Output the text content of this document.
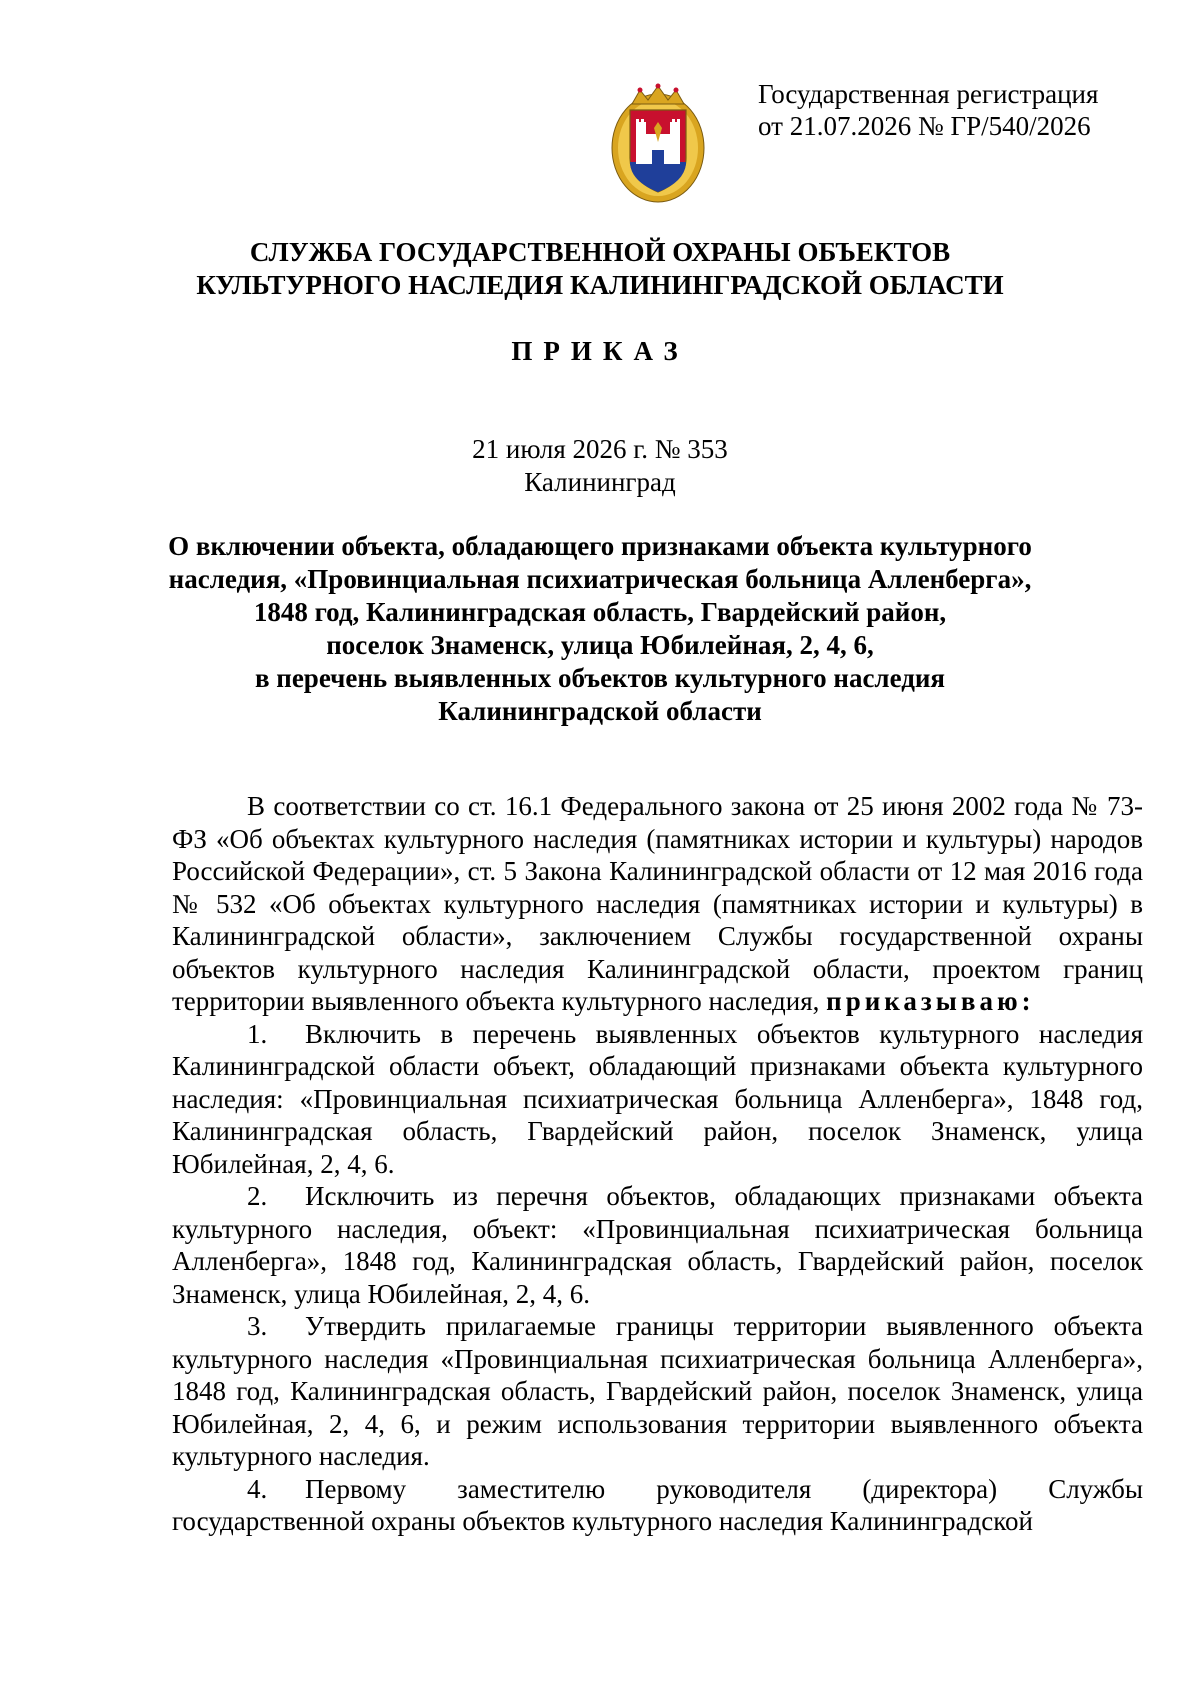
Государственная регистрация
от 21.07.2026 № ГР/540/2026
СЛУЖБА ГОСУДАРСТВЕННОЙ ОХРАНЫ ОБЪЕКТОВ
КУЛЬТУРНОГО НАСЛЕДИЯ КАЛИНИНГРАДСКОЙ ОБЛАСТИ
ПРИКАЗ
21 июля 2026 г. № 353
Калининград
О включении объекта, обладающего признаками объекта культурного
наследия, «Провинциальная психиатрическая больница Алленберга»,
1848 год, Калининградская область, Гвардейский район,
поселок Знаменск, улица Юбилейная, 2, 4, 6,
в перечень выявленных объектов культурного наследия
Калининградской области

В соответствии со ст. 16.1 Федерального закона от 25 июня 2002 года № 73-ФЗ «Об объектах культурного наследия (памятниках истории и культуры) народов Российской Федерации», ст. 5 Закона Калининградской области от 12 мая 2016 года № 532 «Об объектах культурного наследия (памятниках истории и культуры) в Калининградской области», заключением Службы государственной охраны объектов культурного наследия Калининградской области, проектом границ территории выявленного объекта культурного наследия, приказываю:

1. Включить в перечень выявленных объектов культурного наследия Калининградской области объект, обладающий признаками объекта культурного наследия: «Провинциальная психиатрическая больница Алленберга», 1848 год, Калининградская область, Гвардейский район, поселок Знаменск, улица Юбилейная, 2, 4, 6.

2. Исключить из перечня объектов, обладающих признаками объекта культурного наследия, объект: «Провинциальная психиатрическая больница Алленберга», 1848 год, Калининградская область, Гвардейский район, поселок Знаменск, улица Юбилейная, 2, 4, 6.

3. Утвердить прилагаемые границы территории выявленного объекта культурного наследия «Провинциальная психиатрическая больница Алленберга», 1848 год, Калининградская область, Гвардейский район, поселок Знаменск, улица Юбилейная, 2, 4, 6, и режим использования территории выявленного объекта культурного наследия.

4. Первому заместителю руководителя (директора) Службы государственной охраны объектов культурного наследия Калининградской
